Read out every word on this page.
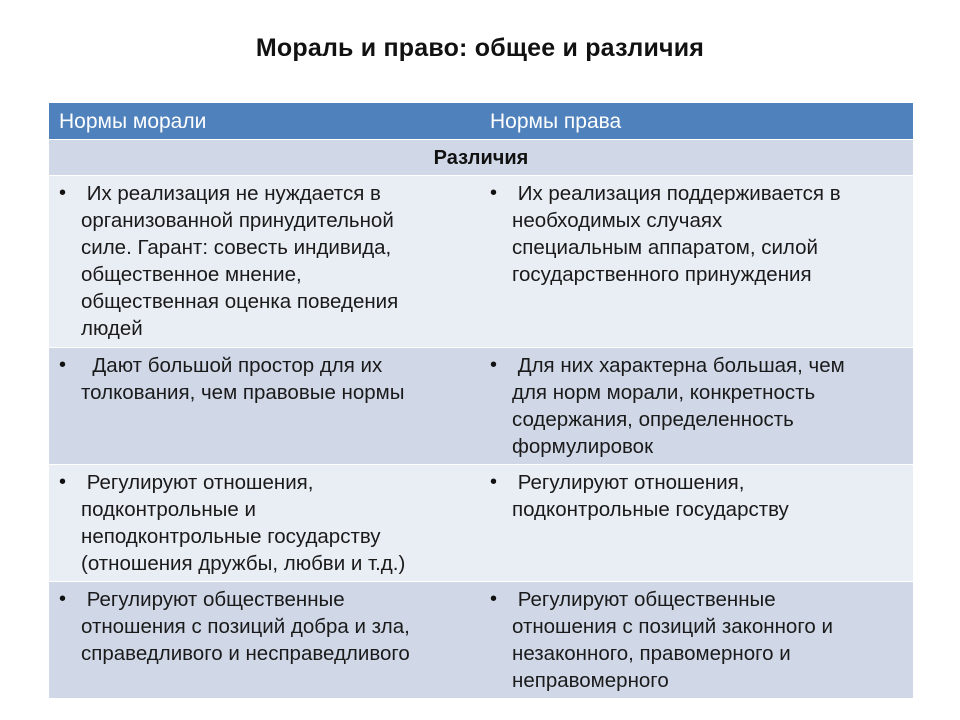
Мораль и право: общее и различия
Нормы морали	Нормы права
Различия
• Их реализация не нуждается в
организованной принудительной
силе. Гарант: совесть индивида,
общественное мнение,
общественная оценка поведения
людей
• Их реализация поддерживается в
необходимых случаях
специальным аппаратом, силой
государственного принуждения
•	Дают большой простор для их
толкования, чем правовые нормы
• Для них характерна большая, чем
для норм морали, конкретность
содержания, определенность
формулировок
• Регулируют отношения,
подконтрольные и
неподконтрольные государству
(отношения дружбы, любви и т.д.)
• Регулируют отношения,
подконтрольные государству
• Регулируют общественные
отношения с позиций добра и зла,
справедливого и несправедливого
• Регулируют общественные
отношения с позиций законного и
незаконного, правомерного и
неправомерного
